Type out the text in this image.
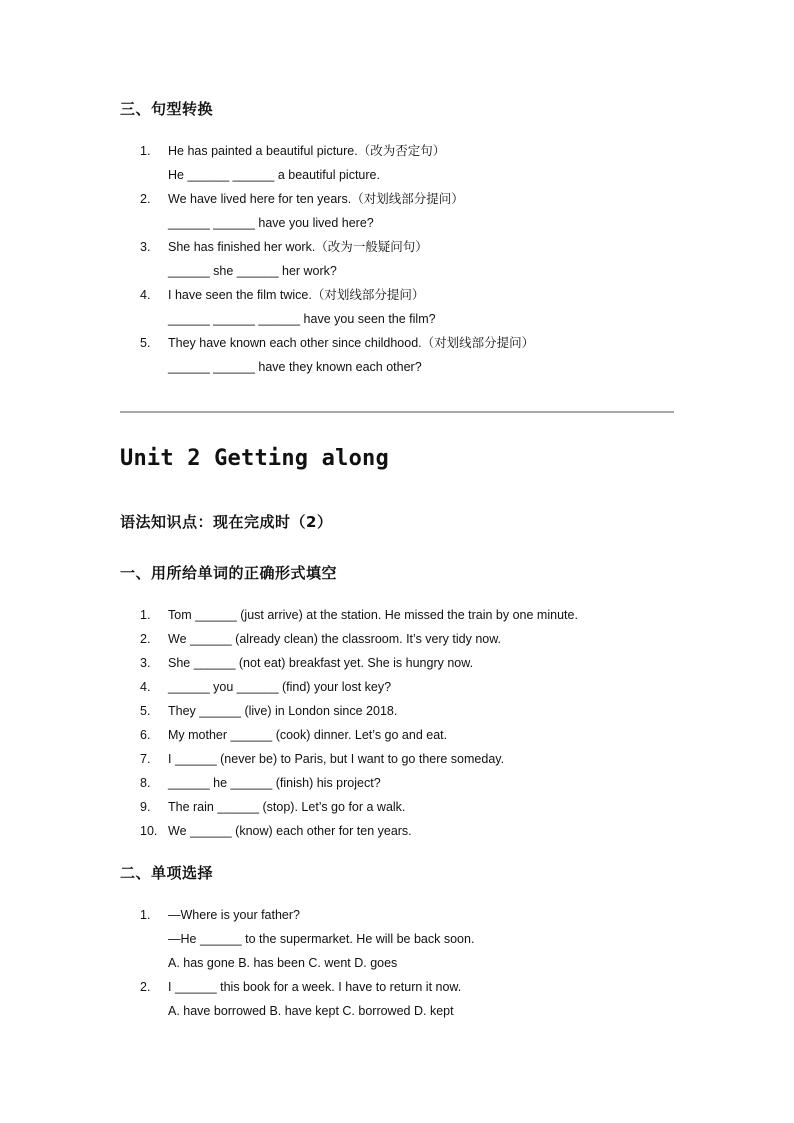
三、句型转换
1.	He has painted a beautiful picture.（改为否定句）
He ______ ______ a beautiful picture.
2.	We have lived here for ten years.（对划线部分提问）
______ ______ have you lived here?
3.	She has finished her work.（改为一般疑问句）
______ she ______ her work?
4.	I have seen the film twice.（对划线部分提问）
______ ______ ______ have you seen the film?
5.	They have known each other since childhood.（对划线部分提问）
______ ______ have they known each other?
Unit 2 Getting along
语法知识点：现在完成时（2）
一、用所给单词的正确形式填空
1.	Tom ______ (just arrive) at the station. He missed the train by one minute.
2.	We ______ (already clean) the classroom. It’s very tidy now.
3.	She ______ (not eat) breakfast yet. She is hungry now.
4.	______ you ______ (find) your lost key?
5.	They ______ (live) in London since 2018.
6.	My mother ______ (cook) dinner. Let’s go and eat.
7.	I ______ (never be) to Paris, but I want to go there someday.
8.	______ he ______ (finish) his project?
9.	The rain ______ (stop). Let’s go for a walk.
10. We ______ (know) each other for ten years.
二、单项选择
1.	—Where is your father?
—He ______ to the supermarket. He will be back soon.
A. has gone B. has been C. went D. goes
2.	I ______ this book for a week. I have to return it now.
A. have borrowed B. have kept C. borrowed D. kept
